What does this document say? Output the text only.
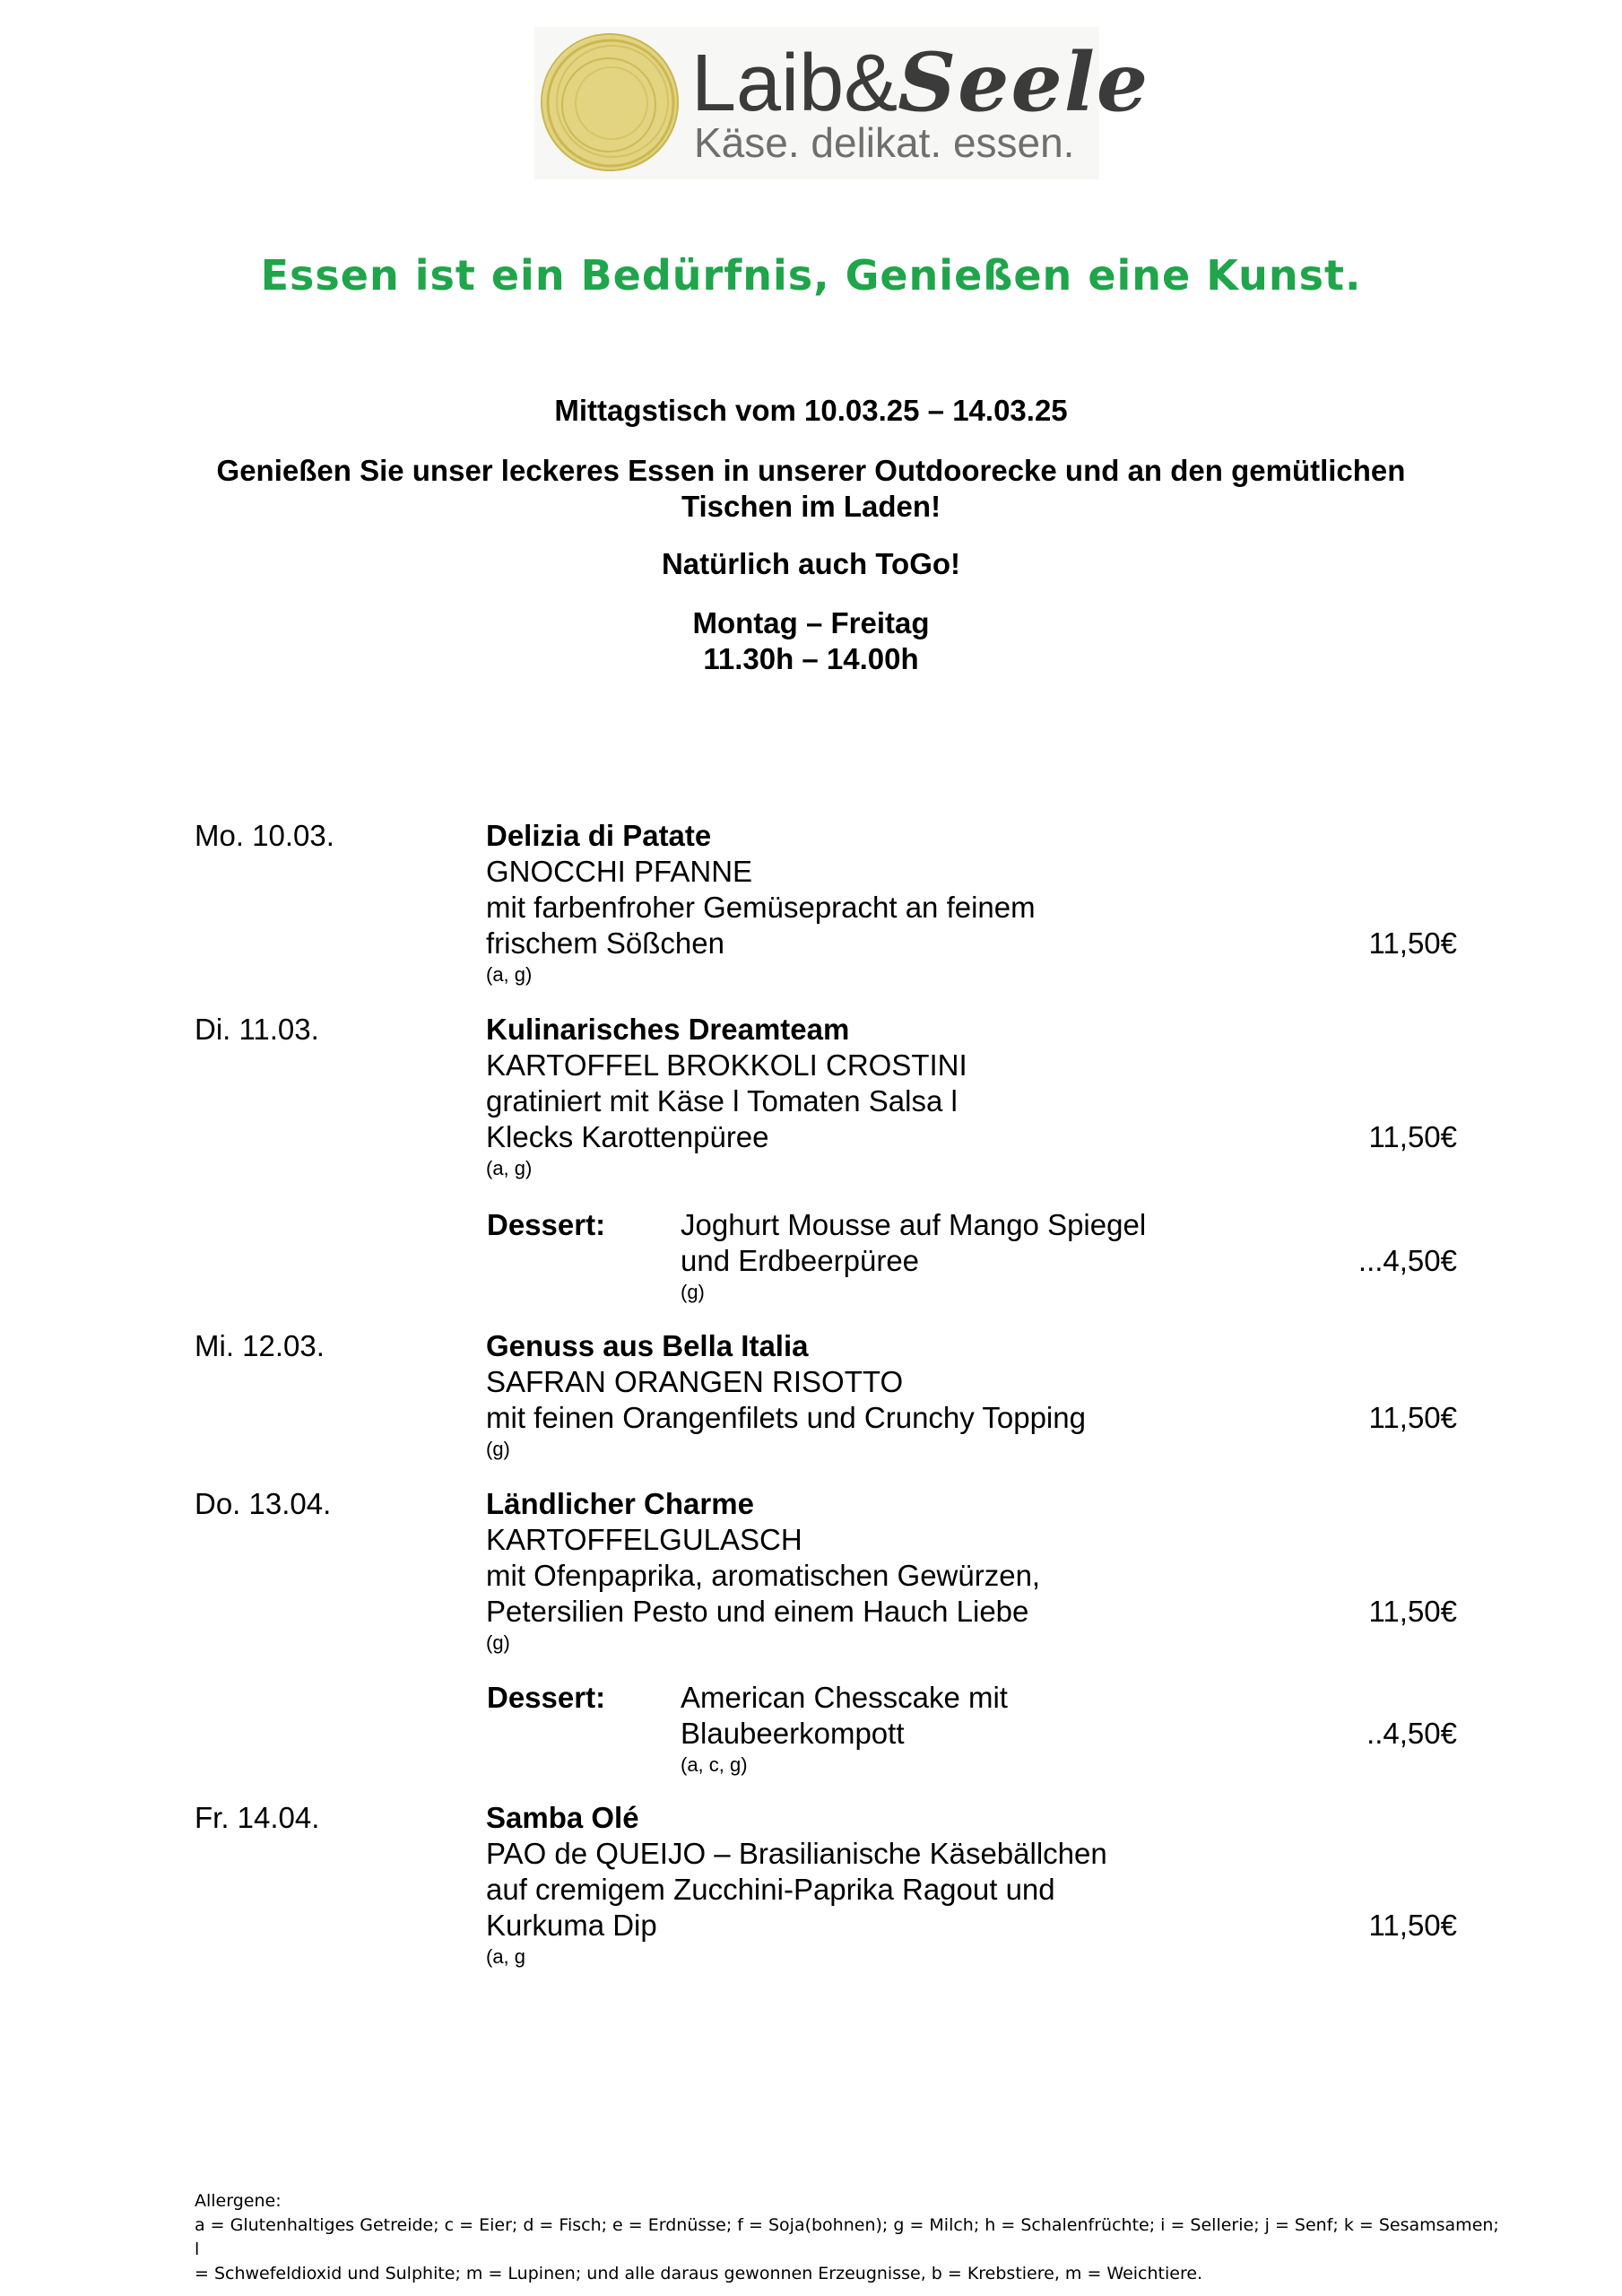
Laib&Seele
Käse. delikat. essen.
Essen ist ein Bedürfnis, Genießen eine Kunst.
Mittagstisch vom 10.03.25 – 14.03.25
Genießen Sie unser leckeres Essen in unserer Outdoorecke und an den gemütlichen
Tischen im Laden!
Natürlich auch ToGo!
Montag – Freitag
11.30h – 14.00h
Mo. 10.03.	Delizia di Patate
GNOCCHI PFANNE
mit farbenfroher Gemüsepracht an feinem
frischem Sößchen
(a, g)
11,50€
Di. 11.03.	Kulinarisches Dreamteam
KARTOFFEL BROKKOLI CROSTINI
gratiniert mit Käse l Tomaten Salsa l
Klecks Karottenpüree
(a, g)
11,50€
Dessert:	Joghurt Mousse auf Mango Spiegel
und Erdbeerpüree
(g)
...4,50€
Mi. 12.03.	Genuss aus Bella Italia
SAFRAN ORANGEN RISOTTO
mit feinen Orangenfilets und Crunchy Topping
(g)
11,50€
Do. 13.04.	Ländlicher Charme
KARTOFFELGULASCH
mit Ofenpaprika, aromatischen Gewürzen,
Petersilien Pesto und einem Hauch Liebe
(g)
11,50€
Dessert:	American Chesscake mit
Blaubeerkompott
(a, c, g)
..4,50€
Fr. 14.04.	Samba Olé
PAO de QUEIJO – Brasilianische Käsebällchen
auf cremigem Zucchini-Paprika Ragout und
Kurkuma Dip
(a, g
11,50€
Allergene:
a = Glutenhaltiges Getreide; c = Eier; d = Fisch; e = Erdnüsse; f = Soja(bohnen); g = Milch; h = Schalenfrüchte; i = Sellerie; j = Senf; k = Sesamsamen; l
= Schwefeldioxid und Sulphite; m = Lupinen; und alle daraus gewonnen Erzeugnisse, b = Krebstiere, m = Weichtiere.
